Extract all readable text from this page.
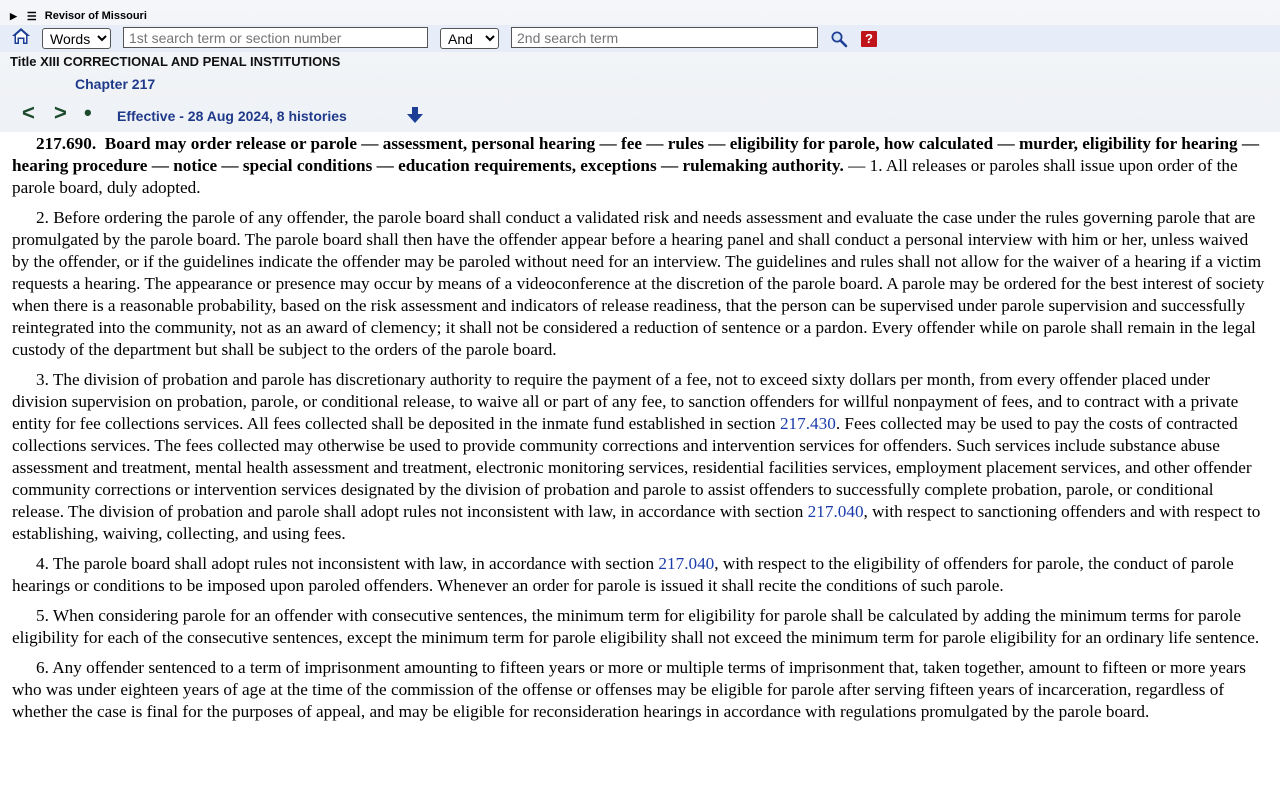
▶ ☰ Revisor of Missouri
Words
1st search term or section number
And
2nd search term
?
Title XIII CORRECTIONAL AND PENAL INSTITUTIONS
Chapter 217
< > • Effective - 28 Aug 2024, 8 histories

217.690. Board may order release or parole — assessment, personal hearing — fee — rules — eligibility for parole, how calculated — murder, eligibility for hearing — hearing procedure — notice — special conditions — education requirements, exceptions — rulemaking authority. — 1. All releases or paroles shall issue upon order of the parole board, duly adopted.

2. Before ordering the parole of any offender, the parole board shall conduct a validated risk and needs assessment and evaluate the case under the rules governing parole that are promulgated by the parole board. The parole board shall then have the offender appear before a hearing panel and shall conduct a personal interview with him or her, unless waived by the offender, or if the guidelines indicate the offender may be paroled without need for an interview. The guidelines and rules shall not allow for the waiver of a hearing if a victim requests a hearing. The appearance or presence may occur by means of a videoconference at the discretion of the parole board. A parole may be ordered for the best interest of society when there is a reasonable probability, based on the risk assessment and indicators of release readiness, that the person can be supervised under parole supervision and successfully reintegrated into the community, not as an award of clemency; it shall not be considered a reduction of sentence or a pardon. Every offender while on parole shall remain in the legal custody of the department but shall be subject to the orders of the parole board.

3. The division of probation and parole has discretionary authority to require the payment of a fee, not to exceed sixty dollars per month, from every offender placed under division supervision on probation, parole, or conditional release, to waive all or part of any fee, to sanction offenders for willful nonpayment of fees, and to contract with a private entity for fee collections services. All fees collected shall be deposited in the inmate fund established in section 217.430. Fees collected may be used to pay the costs of contracted collections services. The fees collected may otherwise be used to provide community corrections and intervention services for offenders. Such services include substance abuse assessment and treatment, mental health assessment and treatment, electronic monitoring services, residential facilities services, employment placement services, and other offender community corrections or intervention services designated by the division of probation and parole to assist offenders to successfully complete probation, parole, or conditional release. The division of probation and parole shall adopt rules not inconsistent with law, in accordance with section 217.040, with respect to sanctioning offenders and with respect to establishing, waiving, collecting, and using fees.

4. The parole board shall adopt rules not inconsistent with law, in accordance with section 217.040, with respect to the eligibility of offenders for parole, the conduct of parole hearings or conditions to be imposed upon paroled offenders. Whenever an order for parole is issued it shall recite the conditions of such parole.

5. When considering parole for an offender with consecutive sentences, the minimum term for eligibility for parole shall be calculated by adding the minimum terms for parole eligibility for each of the consecutive sentences, except the minimum term for parole eligibility shall not exceed the minimum term for parole eligibility for an ordinary life sentence.

6. Any offender sentenced to a term of imprisonment amounting to fifteen years or more or multiple terms of imprisonment that, taken together, amount to fifteen or more years who was under eighteen years of age at the time of the commission of the offense or offenses may be eligible for parole after serving fifteen years of incarceration, regardless of whether the case is final for the purposes of appeal, and may be eligible for reconsideration hearings in accordance with regulations promulgated by the parole board.
